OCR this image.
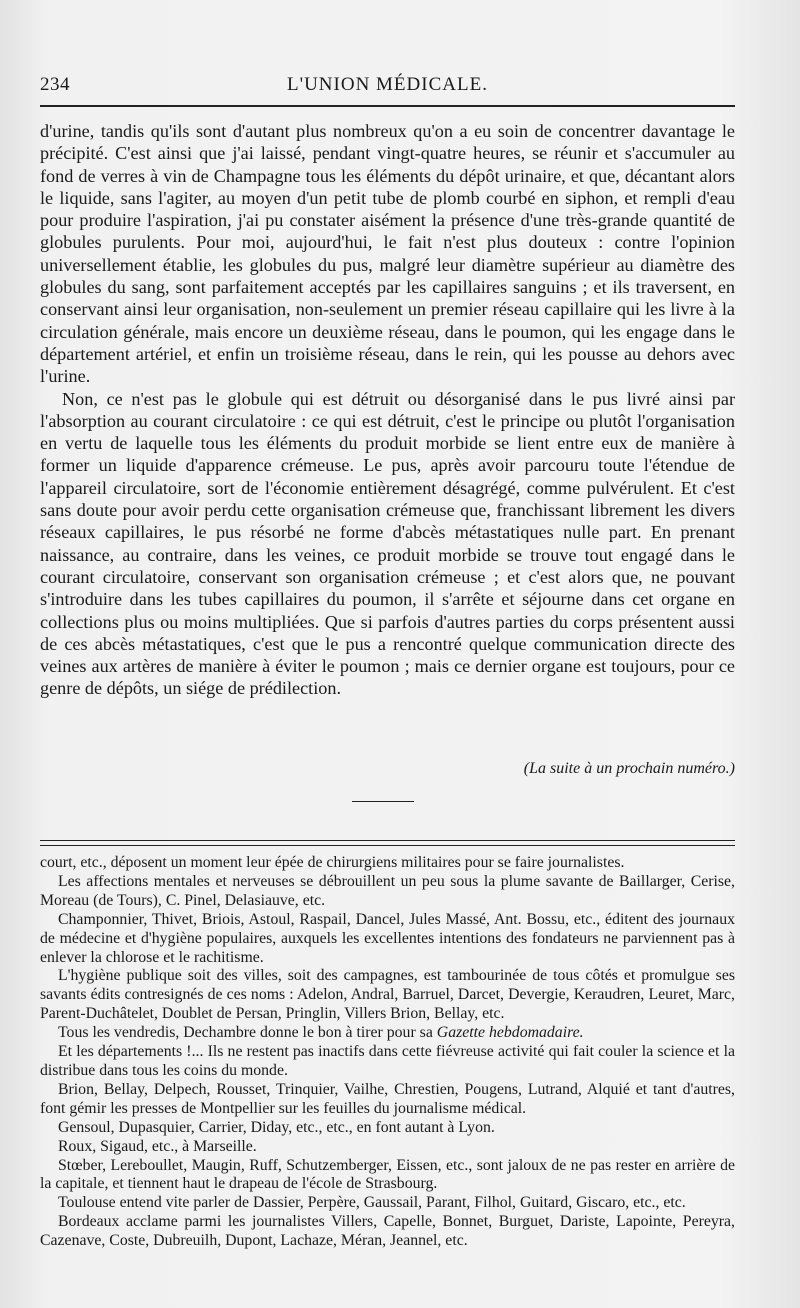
234	L'UNION MÉDICALE.

d'urine, tandis qu'ils sont d'autant plus nombreux qu'on a eu soin de concentrer davantage le précipité. C'est ainsi que j'ai laissé, pendant vingt-quatre heures, se réunir et s'accumuler au fond de verres à vin de Champagne tous les éléments du dépôt urinaire, et que, décantant alors le liquide, sans l'agiter, au moyen d'un petit tube de plomb courbé en siphon, et rempli d'eau pour produire l'aspiration, j'ai pu constater aisément la présence d'une très-grande quantité de globules purulents. Pour moi, aujourd'hui, le fait n'est plus douteux : contre l'opinion universellement établie, les globules du pus, malgré leur diamètre supérieur au diamètre des globules du sang, sont parfaitement acceptés par les capillaires sanguins ; et ils traversent, en conservant ainsi leur organisation, non-seulement un premier réseau capillaire qui les livre à la circulation générale, mais encore un deuxième réseau, dans le poumon, qui les engage dans le département artériel, et enfin un troisième réseau, dans le rein, qui les pousse au dehors avec l'urine.

Non, ce n'est pas le globule qui est détruit ou désorganisé dans le pus livré ainsi par l'absorption au courant circulatoire : ce qui est détruit, c'est le principe ou plutôt l'organisation en vertu de laquelle tous les éléments du produit morbide se lient entre eux de manière à former un liquide d'apparence crémeuse. Le pus, après avoir parcouru toute l'étendue de l'appareil circulatoire, sort de l'économie entièrement désagrégé, comme pulvérulent. Et c'est sans doute pour avoir perdu cette organisation crémeuse que, franchissant librement les divers réseaux capillaires, le pus résorbé ne forme d'abcès métastatiques nulle part. En prenant naissance, au contraire, dans les veines, ce produit morbide se trouve tout engagé dans le courant circulatoire, conservant son organisation crémeuse ; et c'est alors que, ne pouvant s'introduire dans les tubes capillaires du poumon, il s'arrête et séjourne dans cet organe en collections plus ou moins multipliées. Que si parfois d'autres parties du corps présentent aussi de ces abcès métastatiques, c'est que le pus a rencontré quelque communication directe des veines aux artères de manière à éviter le poumon ; mais ce dernier organe est toujours, pour ce genre de dépôts, un siége de prédilection.

(La suite à un prochain numéro.)

court, etc., déposent un moment leur épée de chirurgiens militaires pour se faire journalistes.

Les affections mentales et nerveuses se débrouillent un peu sous la plume savante de Baillarger, Cerise, Moreau (de Tours), C. Pinel, Delasiauve, etc.

Champonnier, Thivet, Briois, Astoul, Raspail, Dancel, Jules Massé, Ant. Bossu, etc., éditent des journaux de médecine et d'hygiène populaires, auxquels les excellentes intentions des fondateurs ne parviennent pas à enlever la chlorose et le rachitisme.

L'hygiène publique soit des villes, soit des campagnes, est tambourinée de tous côtés et promulgue ses savants édits contresignés de ces noms : Adelon, Andral, Barruel, Darcet, Devergie, Keraudren, Leuret, Marc, Parent-Duchâtelet, Doublet de Persan, Pringlin, Villers Brion, Bellay, etc.

Tous les vendredis, Dechambre donne le bon à tirer pour sa Gazette hebdomadaire.

Et les départements !... Ils ne restent pas inactifs dans cette fiévreuse activité qui fait couler la science et la distribue dans tous les coins du monde.

Brion, Bellay, Delpech, Rousset, Trinquier, Vailhe, Chrestien, Pougens, Lutrand, Alquié et tant d'autres, font gémir les presses de Montpellier sur les feuilles du journalisme médical.

Gensoul, Dupasquier, Carrier, Diday, etc., etc., en font autant à Lyon.

Roux, Sigaud, etc., à Marseille.

Stœber, Lereboullet, Maugin, Ruff, Schutzemberger, Eissen, etc., sont jaloux de ne pas rester en arrière de la capitale, et tiennent haut le drapeau de l'école de Strasbourg.

Toulouse entend vite parler de Dassier, Perpère, Gaussail, Parant, Filhol, Guitard, Giscaro, etc., etc.

Bordeaux acclame parmi les journalistes Villers, Capelle, Bonnet, Burguet, Dariste, Lapointe, Pereyra, Cazenave, Coste, Dubreuilh, Dupont, Lachaze, Méran, Jeannel, etc.
